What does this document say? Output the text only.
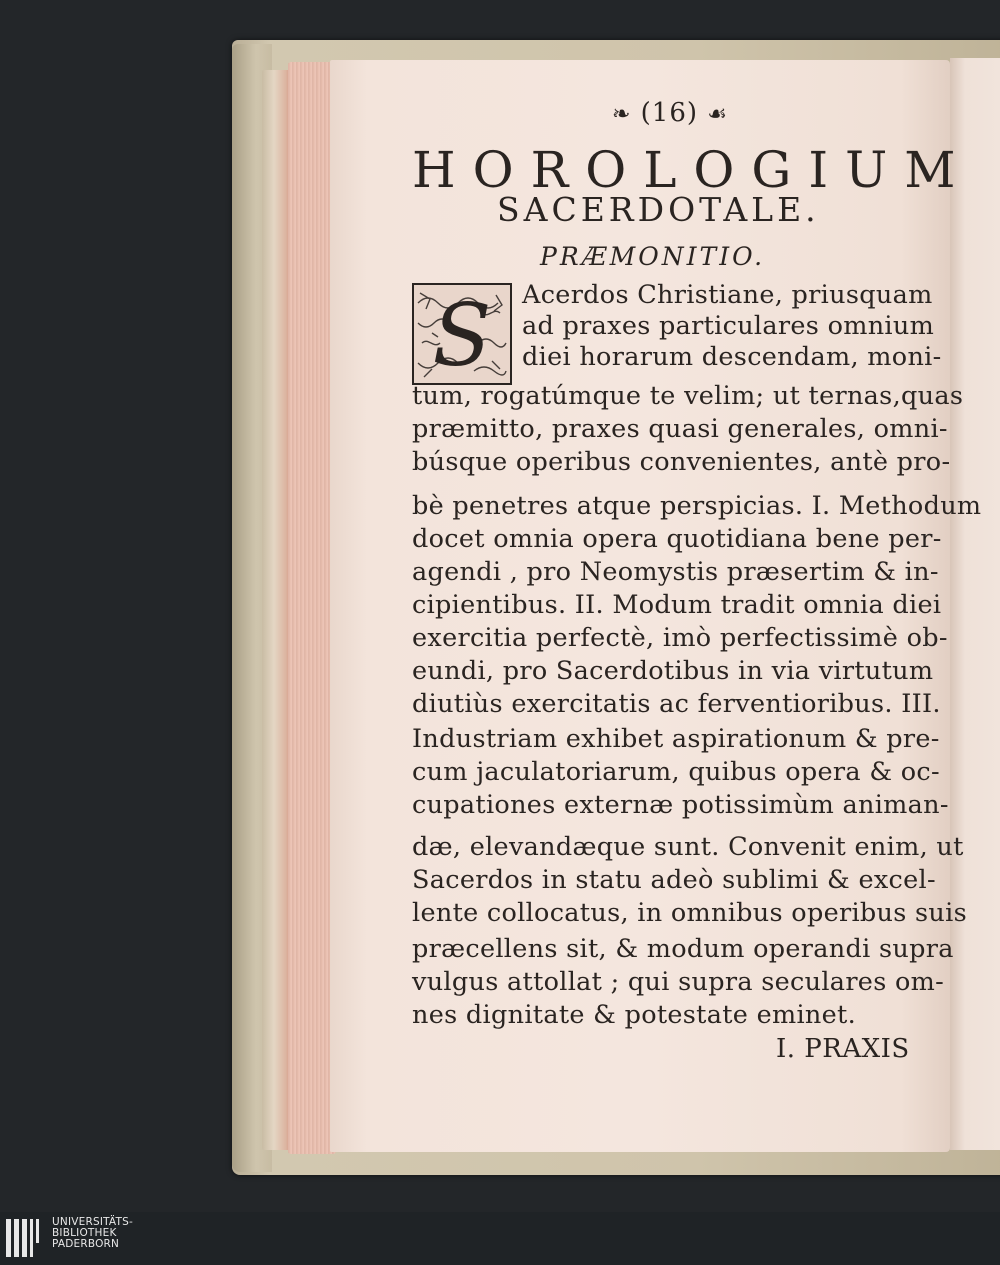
❧ (16) ☙
HOROLOGIUM
SACERDOTALE.
PRÆMONITIO.
S Acerdos Christiane, priusquam
ad praxes particulares omnium
diei horarum descendam, moni-
tum, rogatúmque te velim; ut ternas,quas
præmitto, praxes quasi generales, omni-
búsque operibus convenientes, antè pro-
bè penetres atque perspicias. I. Methodum
docet omnia opera quotidiana bene per-
agendi , pro Neomystis præsertim & in-
cipientibus. II. Modum tradit omnia diei
exercitia perfectè, imò perfectissimè ob-
eundi, pro Sacerdotibus in via virtutum
diutiùs exercitatis ac ferventioribus. III.
Industriam exhibet aspirationum & pre-
cum jaculatoriarum, quibus opera & oc-
cupationes externæ potissimùm animan-
dæ, elevandæque sunt. Convenit enim, ut
Sacerdos in statu adeò sublimi & excel-
lente collocatus, in omnibus operibus suis
præcellens sit, & modum operandi supra
vulgus attollat ; qui supra seculares om-
nes dignitate & potestate eminet.
I. PRAXIS
UNIVERSITÄTS-
BIBLIOTHEK
PADERBORN
